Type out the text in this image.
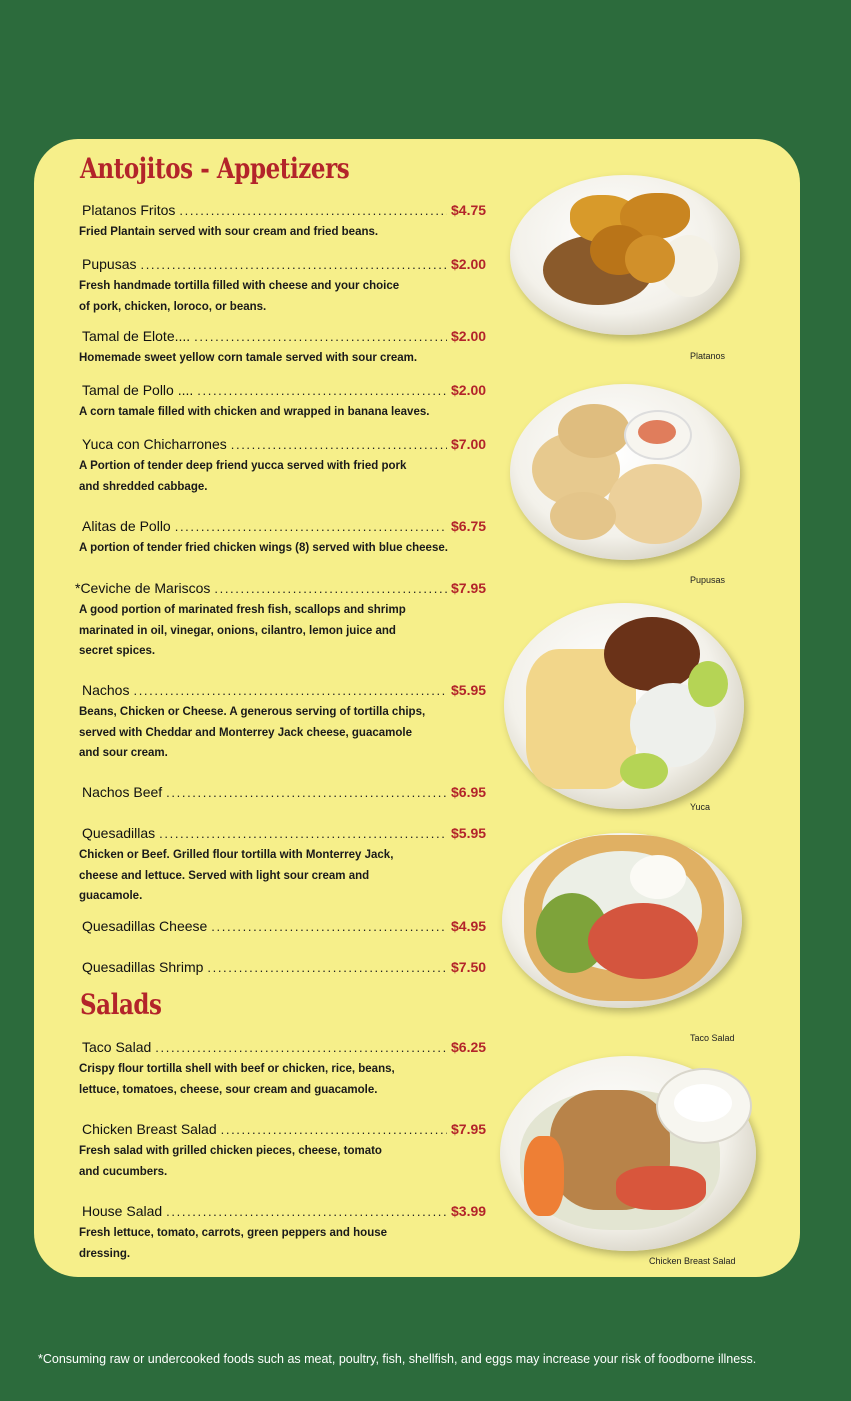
Antojitos - Appetizers
Platanos Fritos . . .	$4.75
Fried Plantain served with sour cream and fried beans.
Pupusas . . .	$2.00
Fresh handmade tortilla filled with cheese and your choice
of pork, chicken, loroco, or beans.
Tamal de Elote.... . . .	$2.00
Homemade sweet yellow corn tamale served with sour cream.
Tamal de Pollo .... . . .	$2.00
A corn tamale filled with chicken and wrapped in banana leaves.
Yuca con Chicharrones . . .	$7.00
A Portion of tender deep friend yucca served with fried pork
and shredded cabbage.
Alitas de Pollo . . .	$6.75
A portion of tender fried chicken wings (8) served with blue cheese.
*Ceviche de Mariscos . . .	$7.95
A good portion of marinated fresh fish, scallops and shrimp
marinated in oil, vinegar, onions, cilantro, lemon juice and
secret spices.
Nachos . . .	$5.95
Beans, Chicken or Cheese. A generous serving of tortilla chips,
served with Cheddar and Monterrey Jack cheese, guacamole
and sour cream.
Nachos Beef . . .	$6.95
Quesadillas . . .	$5.95
Chicken or Beef. Grilled flour tortilla with Monterrey Jack,
cheese and lettuce. Served with light sour cream and
guacamole.
Quesadillas Cheese . . .	$4.95
Quesadillas Shrimp . . .	$7.50
Salads
Taco Salad . . .	$6.25
Crispy flour tortilla shell with beef or chicken, rice, beans,
lettuce, tomatoes, cheese, sour cream and guacamole.
Chicken Breast Salad . . .	$7.95
Fresh salad with grilled chicken pieces, cheese, tomato
and cucumbers.
House Salad . . .	$3.99
Fresh lettuce, tomato, carrots, green peppers and house
dressing.
Platanos
Pupusas
Yuca
Taco Salad
Chicken Breast Salad
*Consuming raw or undercooked foods such as meat, poultry, fish, shellfish, and eggs may increase your risk of foodborne illness.
